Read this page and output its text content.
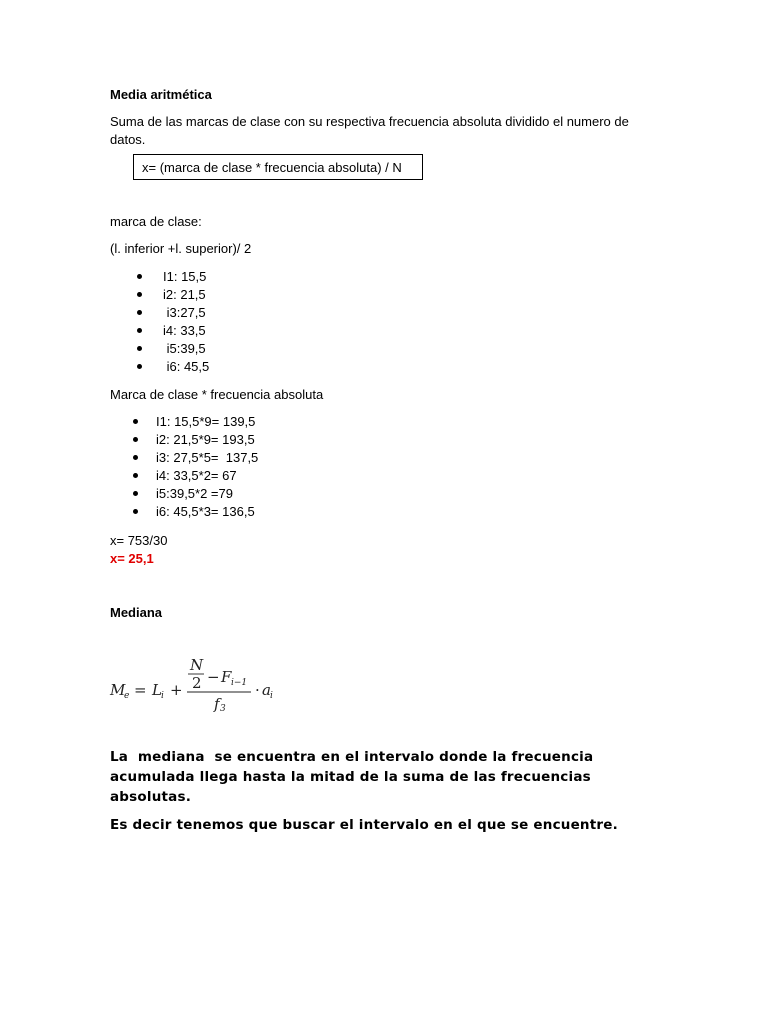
Media aritmética
Suma de las marcas de clase con su respectiva frecuencia absoluta dividido el numero de
datos.
x= (marca de clase * frecuencia absoluta) / N
marca de clase:
(l. inferior +l. superior)/ 2
I1: 15,5
i2: 21,5
i3:27,5
i4: 33,5
i5:39,5
i6: 45,5
Marca de clase * frecuencia absoluta
I1: 15,5*9= 139,5
i2: 21,5*9= 193,5
i3: 27,5*5=  137,5
i4: 33,5*2= 67
i5:39,5*2 =79
i6: 45,5*3= 136,5
x= 753/30
x= 25,1
Mediana
M
e = L i +
N
2 − F i−1
f 3
· a i
La  mediana  se encuentra en el intervalo donde la frecuencia
acumulada llega hasta la mitad de la suma de las frecuencias
absolutas.
Es decir tenemos que buscar el intervalo en el que se encuentre.
